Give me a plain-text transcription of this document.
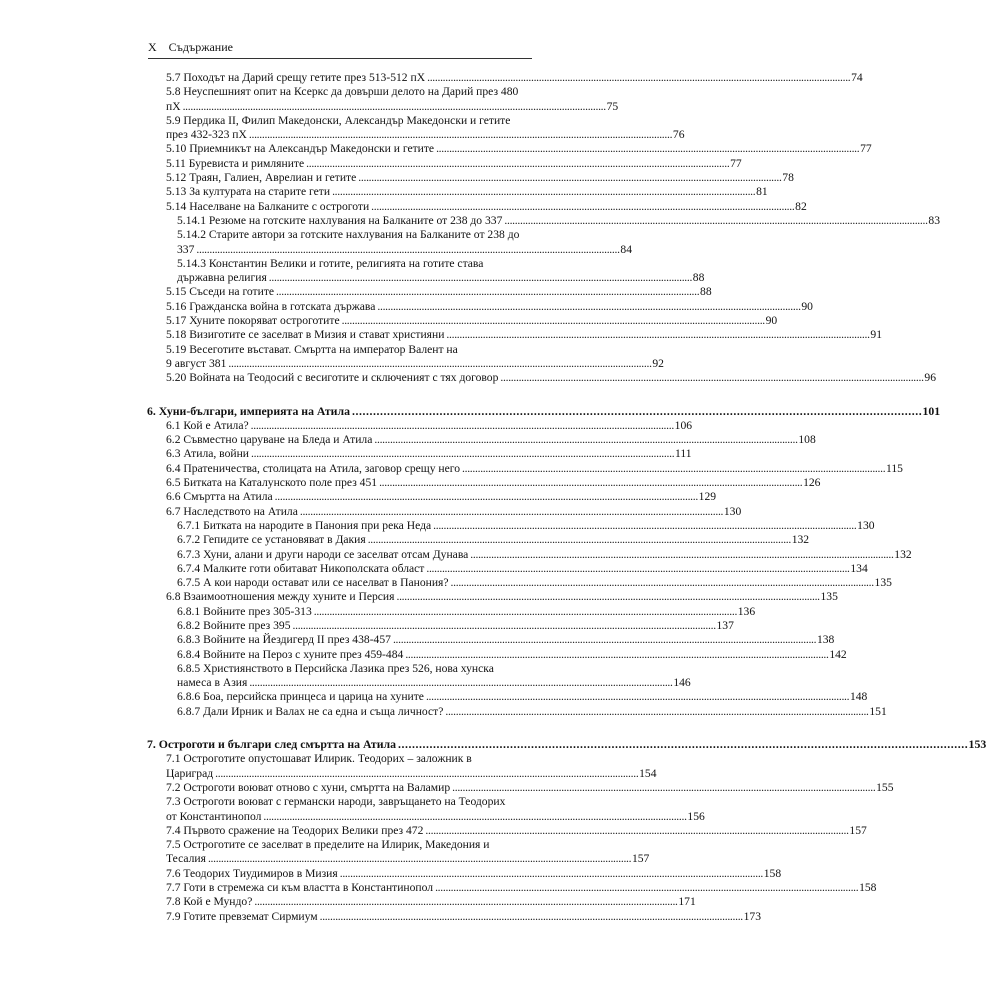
X Съдържание
5.7 Походът на Дарий срещу гетите през 513-512 пХ . . .	74
5.8 Неуспешният опит на Ксеркс да довърши делото на Дарий през 480
пХ . . .	75
5.9 Пердика II, Филип Македонски, Александър Македонски и гетите
през 432-323 пХ . . .	76
5.10 Приемникът на Александър Македонски и гетите . . .	77
5.11 Буревиста и римляните . . .	77
5.12 Траян, Галиен, Аврелиан и гетите . . .	78
5.13 За културата на старите гети . . .	81
5.14 Населване на Балканите с остроготи . . .	82
5.14.1 Резюме на готските нахлувания на Балканите от 238 до 337 . . .	83
5.14.2 Старите автори за готските нахлувания на Балканите от 238 до
337 . . .	84
5.14.3 Константин Велики и готите, религията на готите става
държавна религия . . .	88
5.15 Съседи на готите . . .	88
5.16 Гражданска война в готската държава . . .	90
5.17 Хуните покоряват остроготите . . .	90
5.18 Визиготите се заселват в Мизия и стават християни . . .	91
5.19 Весеготите въстават. Смъртта на император Валент на
9 август 381 . . .	92
5.20 Войната на Теодосий с весиготите и сключеният с тях договор . . .	96
6. Хуни-българи, империята на Атила . . .	101
6.1 Кой е Атила? . . .	106
6.2 Съвместно царуване на Бледа и Атила . . .	108
6.3 Атила, войни . . .	111
6.4 Пратеничества, столицата на Атила, заговор срещу него . . .	115
6.5 Битката на Каталунското поле през 451 . . .	126
6.6 Смъртта на Атила . . .	129
6.7 Наследството на Атила . . .	130
6.7.1 Битката на народите в Панония при река Неда . . .	130
6.7.2 Гепидите се установяват в Дакия . . .	132
6.7.3 Хуни, алани и други народи се заселват отсам Дунава . . .	132
6.7.4 Малките готи обитават Никополската област . . .	134
6.7.5 А кои народи остават или се населват в Панония? . . .	135
6.8 Взаимоотношения между хуните и Персия . . .	135
6.8.1 Войните през 305-313 . . .	136
6.8.2 Войните през 395 . . .	137
6.8.3 Войните на Йездигерд II през 438-457 . . .	138
6.8.4 Войните на Пероз с хуните през 459-484 . . .	142
6.8.5 Християнството в Персийска Лазика през 526, нова хунска
намеса в Азия . . .	146
6.8.6 Боа, персийска принцеса и царица на хуните . . .	148
6.8.7 Дали Ирник и Валах не са една и съща личност? . . .	151
7. Остроготи и българи след смъртта на Атила . . .	153
7.1 Остроготите опустошават Илирик. Теодорих – заложник в
Цариград . . .	154
7.2 Остроготи воюват отново с хуни, смъртта на Валамир . . .	155
7.3 Остроготи воюват с германски народи, завръщането на Теодорих
от Константинопол . . .	156
7.4 Първото сражение на Теодорих Велики през 472 . . .	157
7.5 Остроготите се заселват в пределите на Илирик, Македония и
Тесалия . . .	157
7.6 Теодорих Тиудимиров в Мизия . . .	158
7.7 Готи в стремежа си към властта в Константинопол . . .	158
7.8 Кой е Мундо? . . .	171
7.9 Готите превземат Сирмиум . . .	173
